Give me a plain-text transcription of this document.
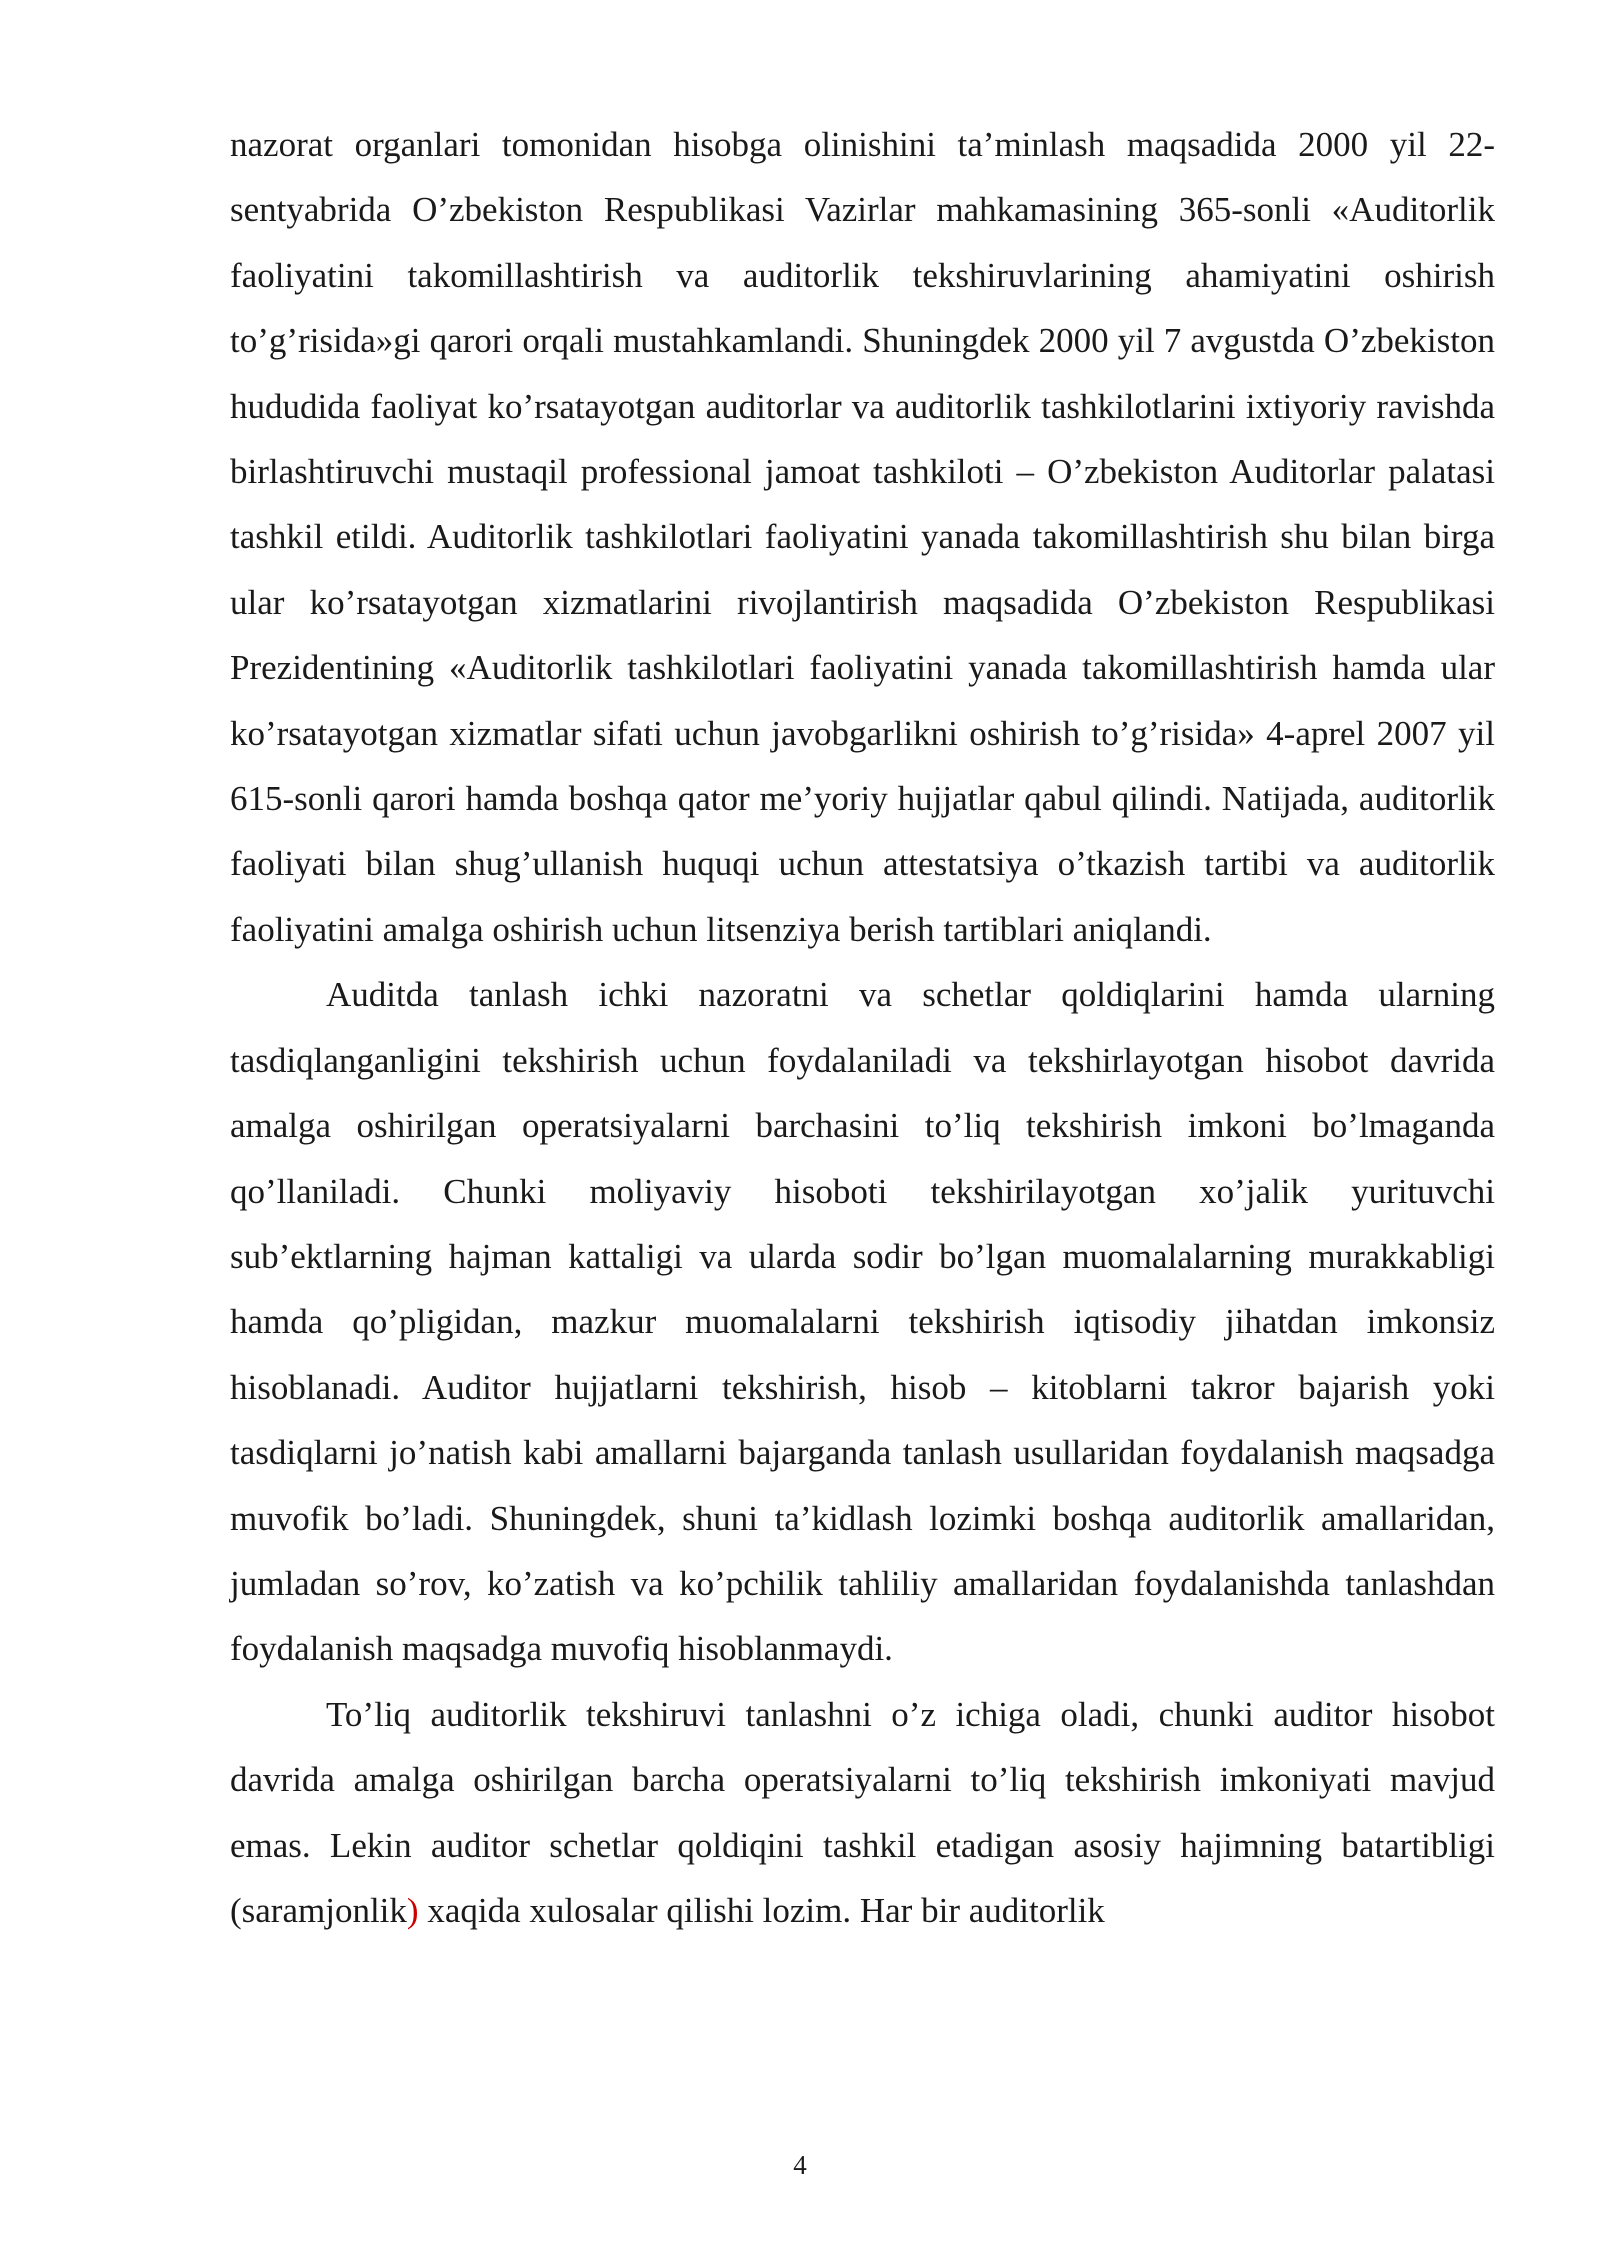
nazorat organlari tomonidan hisobga olinishini ta’minlash maqsadida 2000 yil 22-sentyabrida O’zbekiston Respublikasi Vazirlar mahkamasining 365-sonli «Auditorlik faoliyatini takomillashtirish va auditorlik tekshiruvlarining ahamiyatini oshirish to’g’risida»gi qarori orqali mustahkamlandi. Shuningdek 2000 yil 7 avgustda O’zbekiston hududida faoliyat ko’rsatayotgan auditorlar va auditorlik tashkilotlarini ixtiyoriy ravishda birlashtiruvchi mustaqil professional jamoat tashkiloti – O’zbekiston Auditorlar palatasi tashkil etildi. Auditorlik tashkilotlari faoliyatini yanada takomillashtirish shu bilan birga ular ko’rsatayotgan xizmatlarini rivojlantirish maqsadida O’zbekiston Respublikasi Prezidentining «Auditorlik tashkilotlari faoliyatini yanada takomillashtirish hamda ular ko’rsatayotgan xizmatlar sifati uchun javobgarlikni oshirish to’g’risida» 4-aprel 2007 yil 615-sonli qarori hamda boshqa qator me’yoriy hujjatlar qabul qilindi. Natijada, auditorlik faoliyati bilan shug’ullanish huquqi uchun attestatsiya o’tkazish tartibi va auditorlik faoliyatini amalga oshirish uchun litsenziya berish tartiblari aniqlandi.

Auditda tanlash ichki nazoratni va schetlar qoldiqlarini hamda ularning tasdiqlanganligini tekshirish uchun foydalaniladi va tekshirlayotgan hisobot davrida amalga oshirilgan operatsiyalarni barchasini to’liq tekshirish imkoni bo’lmaganda qo’llaniladi. Chunki moliyaviy hisoboti tekshirilayotgan xo’jalik yurituvchi sub’ektlarning hajman kattaligi va ularda sodir bo’lgan muomalalarning murakkabligi hamda qo’pligidan, mazkur muomalalarni tekshirish iqtisodiy jihatdan imkonsiz hisoblanadi. Auditor hujjatlarni tekshirish, hisob – kitoblarni takror bajarish yoki tasdiqlarni jo’natish kabi amallarni bajarganda tanlash usullaridan foydalanish maqsadga muvofik bo’ladi. Shuningdek, shuni ta’kidlash lozimki boshqa auditorlik amallaridan, jumladan so’rov, ko’zatish va ko’pchilik tahliliy amallaridan foydalanishda tanlashdan foydalanish maqsadga muvofiq hisoblanmaydi.

To’liq auditorlik tekshiruvi tanlashni o’z ichiga oladi, chunki auditor hisobot davrida amalga oshirilgan barcha operatsiyalarni to’liq tekshirish imkoniyati mavjud emas. Lekin auditor schetlar qoldiqini tashkil etadigan asosiy hajimning batartibligi (saramjonlik) xaqida xulosalar qilishi lozim. Har bir auditorlik

4
